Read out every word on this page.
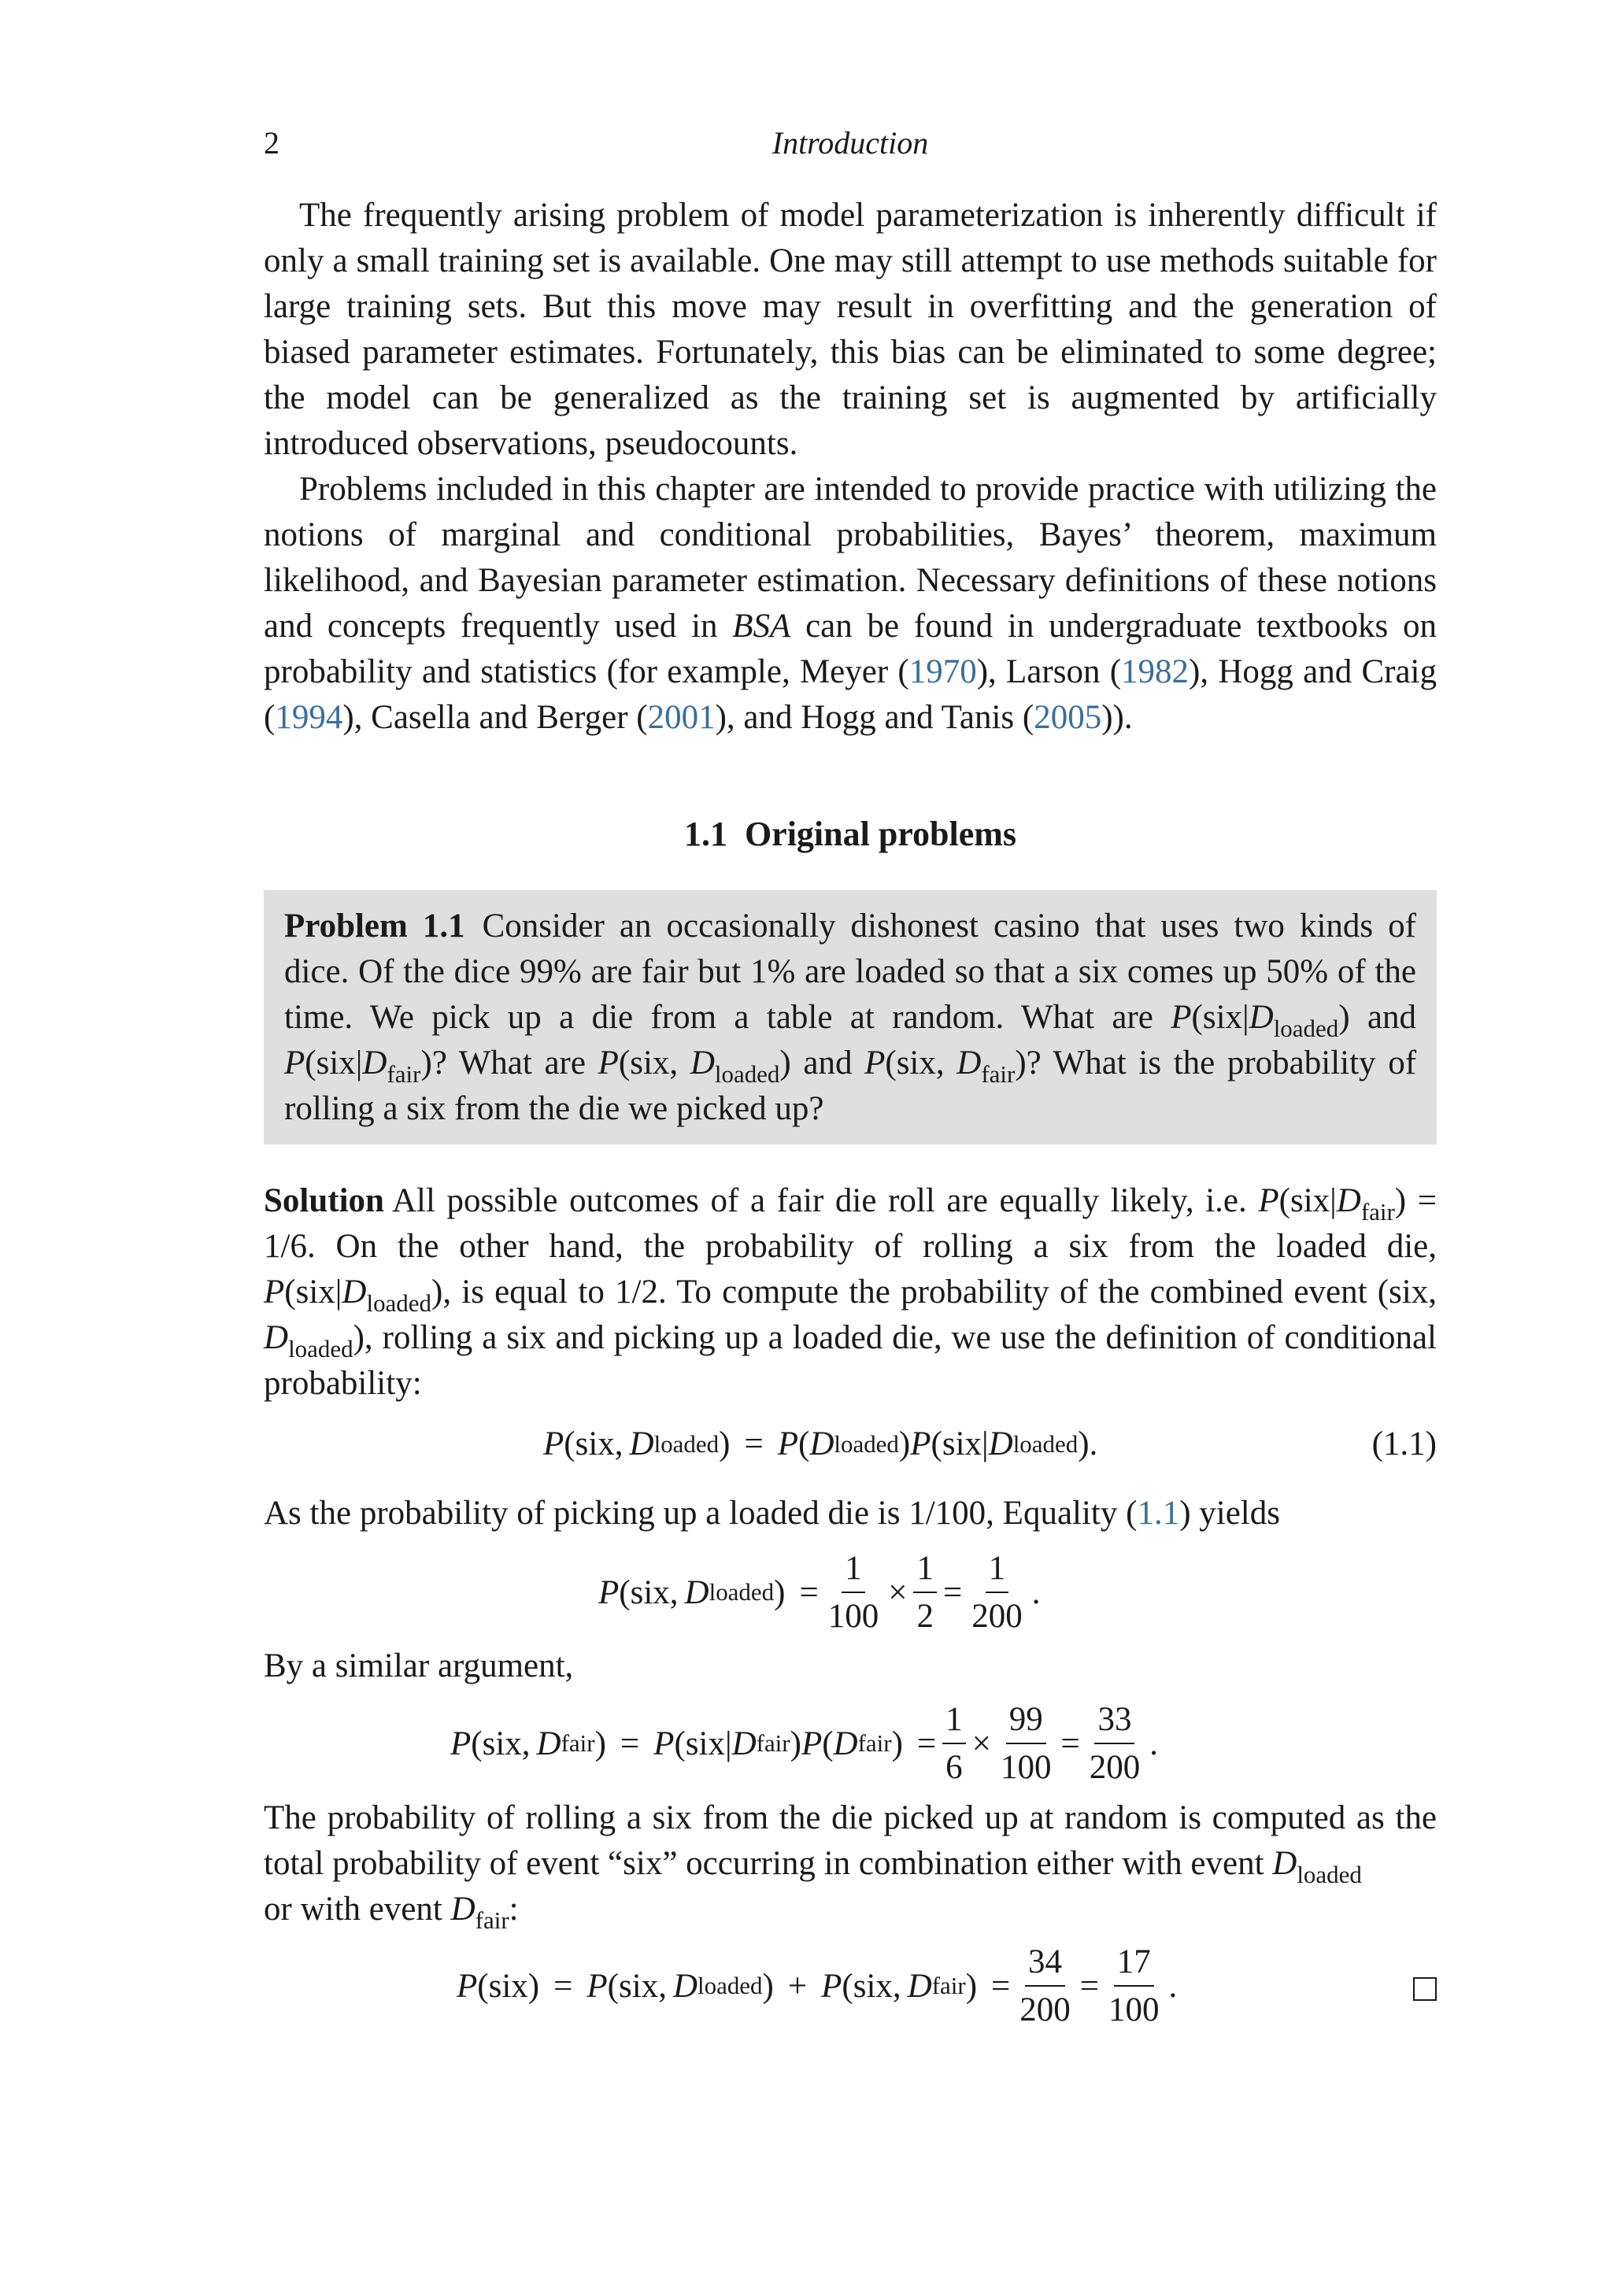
2	Introduction

The frequently arising problem of model parameterization is inherently difficult if only a small training set is available. One may still attempt to use methods suitable for large training sets. But this move may result in overfitting and the generation of biased parameter estimates. Fortunately, this bias can be eliminated to some degree; the model can be generalized as the training set is augmented by artificially introduced observations, pseudocounts.

Problems included in this chapter are intended to provide practice with utilizing the notions of marginal and conditional probabilities, Bayes’ theorem, maximum likelihood, and Bayesian parameter estimation. Necessary definitions of these notions and concepts frequently used in BSA can be found in undergraduate textbooks on probability and statistics (for example, Meyer (1970), Larson (1982), Hogg and Craig (1994), Casella and Berger (2001), and Hogg and Tanis (2005)).

1.1 Original problems

Problem 1.1 Consider an occasionally dishonest casino that uses two kinds of dice. Of the dice 99% are fair but 1% are loaded so that a six comes up 50% of the time. We pick up a die from a table at random. What are $P(six|D_{loaded})$ and $P(six|D_{fair})$? What are P(six, $D_{loaded}$) and P(six, $D_{fair}$)? What is the probability of rolling a six from the die we picked up?

Solution All possible outcomes of a fair die roll are equally likely, i.e. $P(six|D_{fair}) = 1/6$. On the other hand, the probability of rolling a six from the loaded die, $P(six|D_{loaded})$, is equal to 1/2. To compute the probability of the combined event (six, $D_{loaded}$), rolling a six and picking up a loaded die, we use the definition of conditional probability:

P ( six , D loaded ) = P ( D loaded ) P ( six | D loaded ).	(1.1)
As the probability of picking up a loaded die is 1/100, Equality (1.1) yields
P ( six , D loaded ) = $\frac{1}{100} \times \frac{1}{2} = \frac{1}{200}$ .
By a similar argument,
P ( six , D fair ) = P ( six | D fair ) P ( D fair ) = $\frac{1}{6} \times \frac{99}{100} = \frac{33}{200}$ .

The probability of rolling a six from the die picked up at random is computed as the total probability of event “six” occurring in combination either with event $D_{loaded}$
or with event $D_{fair}$:

P ( six ) = P ( six , D loaded ) + P ( six , D fair ) = $\frac{34}{200} = \frac{17}{100}$ .
